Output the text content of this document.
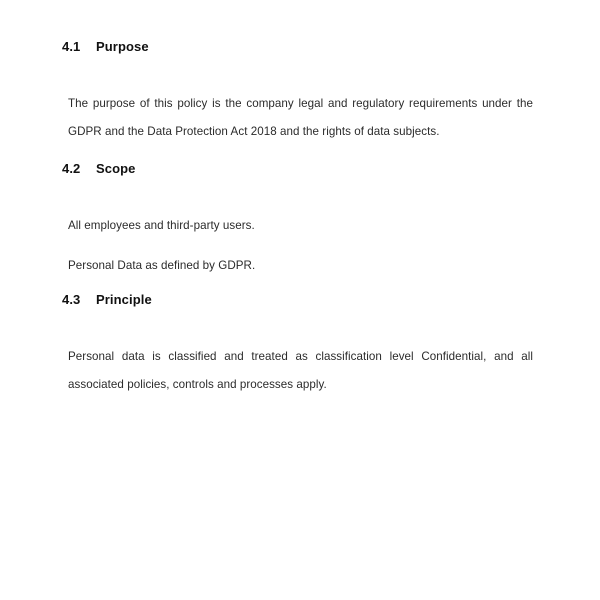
4.1 Purpose

The purpose of this policy is the company legal and regulatory requirements under the GDPR and the Data Protection Act 2018 and the rights of data subjects.

4.2 Scope

All employees and third-party users.

Personal Data as defined by GDPR.

4.3 Principle

Personal data is classified and treated as classification level Confidential, and all associated policies, controls and processes apply.
